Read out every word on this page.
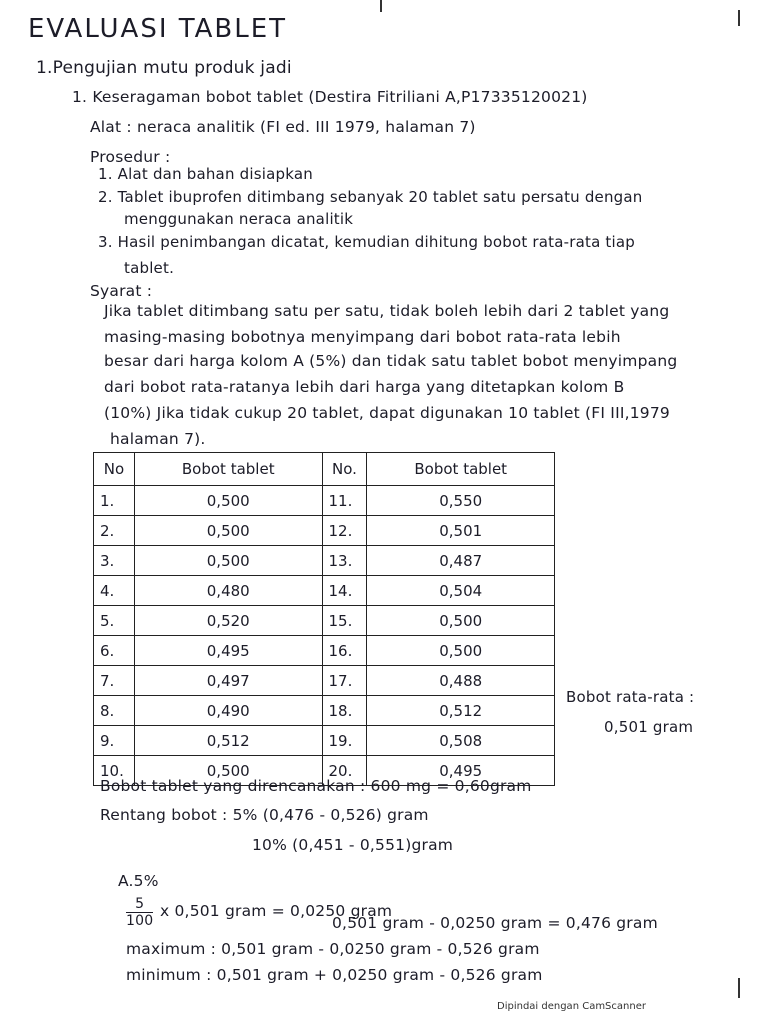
EVALUASI TABLET
1.Pengujian mutu produk jadi
1. Keseragaman bobot tablet (Destira Fitriliani A,P17335120021)
Alat : neraca analitik (FI ed. III 1979, halaman 7)
Prosedur :
1. Alat dan bahan disiapkan
2. Tablet ibuprofen ditimbang sebanyak 20 tablet satu persatu dengan
menggunakan neraca analitik
3. Hasil penimbangan dicatat, kemudian dihitung bobot rata-rata tiap
tablet.
Syarat :
Jika tablet ditimbang satu per satu, tidak boleh lebih dari 2 tablet yang
masing-masing bobotnya menyimpang dari bobot rata-rata lebih
besar dari harga kolom A (5%) dan tidak satu tablet bobot menyimpang
dari bobot rata-ratanya lebih dari harga yang ditetapkan kolom B
(10%) Jika tidak cukup 20 tablet, dapat digunakan 10 tablet (FI III,1979
halaman 7).
No	Bobot tablet	No.	Bobot tablet
1.	0,500	11.	0,550
2.	0,500	12.	0,501
3.	0,500	13.	0,487
4.	0,480	14.	0,504
5.	0,520	15.	0,500
6.	0,495	16.	0,500
7.	0,497	17.	0,488
8.	0,490	18.	0,512
9.	0,512	19.	0,508
10.	0,500	20.	0,495
Bobot rata-rata :
0,501 gram
Bobot tablet yang direncanakan : 600 mg = 0,60gram
Rentang bobot : 5% (0,476 - 0,526) gram
10% (0,451 - 0,551)gram
A.5%
$\frac{5}{100}$ x 0,501 gram = 0,0250 gram
0,501 gram - 0,0250 gram = 0,476 gram
maximum : 0,501 gram - 0,0250 gram - 0,526 gram
minimum : 0,501 gram + 0,0250 gram - 0,526 gram
Dipindai dengan CamScanner
